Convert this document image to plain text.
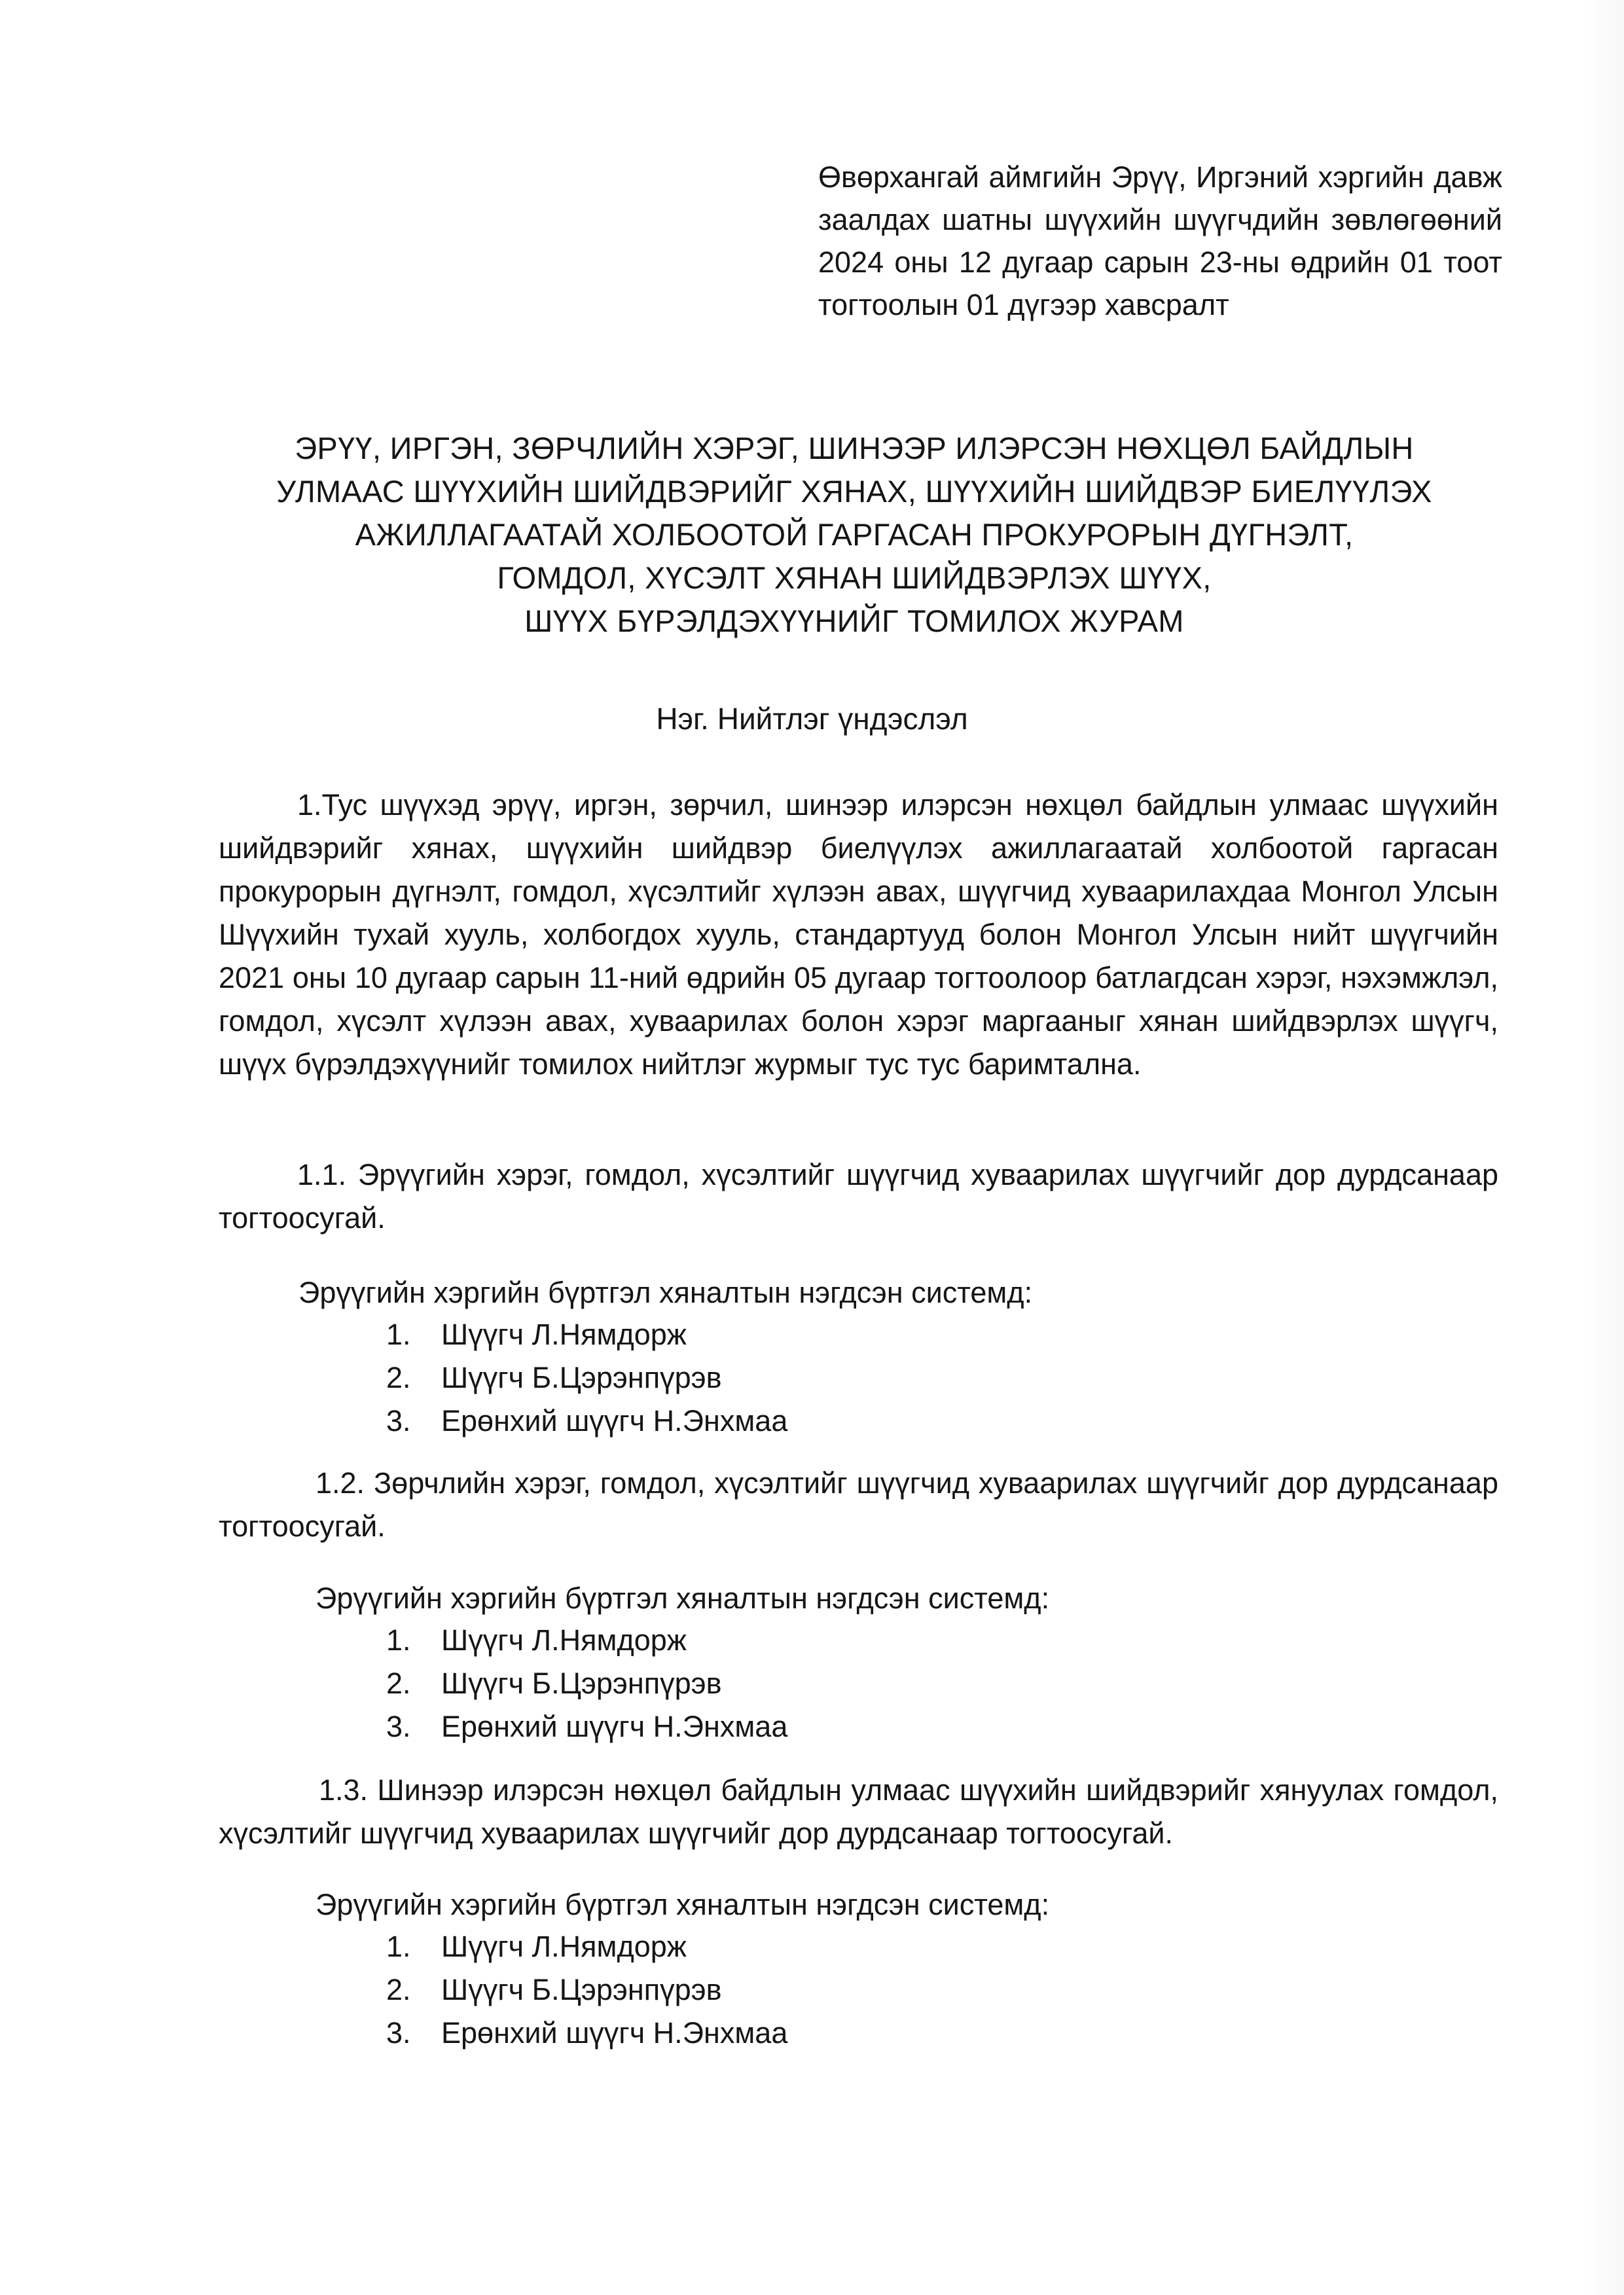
Өвөрхангай аймгийн Эрүү, Иргэний хэргийн давж заалдах шатны шүүхийн шүүгчдийн зөвлөгөөний 2024 оны 12 дугаар сарын 23-ны өдрийн 01 тоот тогтоолын 01 дүгээр хавсралт
ЭРҮҮ, ИРГЭН, ЗӨРЧЛИЙН ХЭРЭГ, ШИНЭЭР ИЛЭРСЭН НӨХЦӨЛ БАЙДЛЫН
УЛМААС ШҮҮХИЙН ШИЙДВЭРИЙГ ХЯНАХ, ШҮҮХИЙН ШИЙДВЭР БИЕЛҮҮЛЭХ
АЖИЛЛАГААТАЙ ХОЛБООТОЙ ГАРГАСАН ПРОКУРОРЫН ДҮГНЭЛТ,
ГОМДОЛ, ХҮСЭЛТ ХЯНАН ШИЙДВЭРЛЭХ ШҮҮХ,
ШҮҮХ БҮРЭЛДЭХҮҮНИЙГ ТОМИЛОХ ЖУРАМ
Нэг. Нийтлэг үндэслэл
1.Тус шүүхэд эрүү, иргэн, зөрчил, шинээр илэрсэн нөхцөл байдлын улмаас шүүхийн шийдвэрийг хянах, шүүхийн шийдвэр биелүүлэх ажиллагаатай холбоотой гаргасан прокурорын дүгнэлт, гомдол, хүсэлтийг хүлээн авах, шүүгчид хуваарилахдаа Монгол Улсын Шүүхийн тухай хууль, холбогдох хууль, стандартууд болон Монгол Улсын нийт шүүгчийн 2021 оны 10 дугаар сарын 11-ний өдрийн 05 дугаар тогтоолоор батлагдсан хэрэг, нэхэмжлэл, гомдол, хүсэлт хүлээн авах, хуваарилах болон хэрэг маргааныг хянан шийдвэрлэх шүүгч, шүүх бүрэлдэхүүнийг томилох нийтлэг журмыг тус тус баримтална.
1.1. Эрүүгийн хэрэг, гомдол, хүсэлтийг шүүгчид хуваарилах шүүгчийг дор дурдсанаар тогтоосугай.
Эрүүгийн хэргийн бүртгэл хяналтын нэгдсэн системд:
1. Шүүгч Л.Нямдорж
2. Шүүгч Б.Цэрэнпүрэв
3. Ерөнхий шүүгч Н.Энхмаа
1.2. Зөрчлийн хэрэг, гомдол, хүсэлтийг шүүгчид хуваарилах шүүгчийг дор дурдсанаар тогтоосугай.
Эрүүгийн хэргийн бүртгэл хяналтын нэгдсэн системд:
1. Шүүгч Л.Нямдорж
2. Шүүгч Б.Цэрэнпүрэв
3. Ерөнхий шүүгч Н.Энхмаа
1.3. Шинээр илэрсэн нөхцөл байдлын улмаас шүүхийн шийдвэрийг хянуулах гомдол, хүсэлтийг шүүгчид хуваарилах шүүгчийг дор дурдсанаар тогтоосугай.
Эрүүгийн хэргийн бүртгэл хяналтын нэгдсэн системд:
1. Шүүгч Л.Нямдорж
2. Шүүгч Б.Цэрэнпүрэв
3. Ерөнхий шүүгч Н.Энхмаа
